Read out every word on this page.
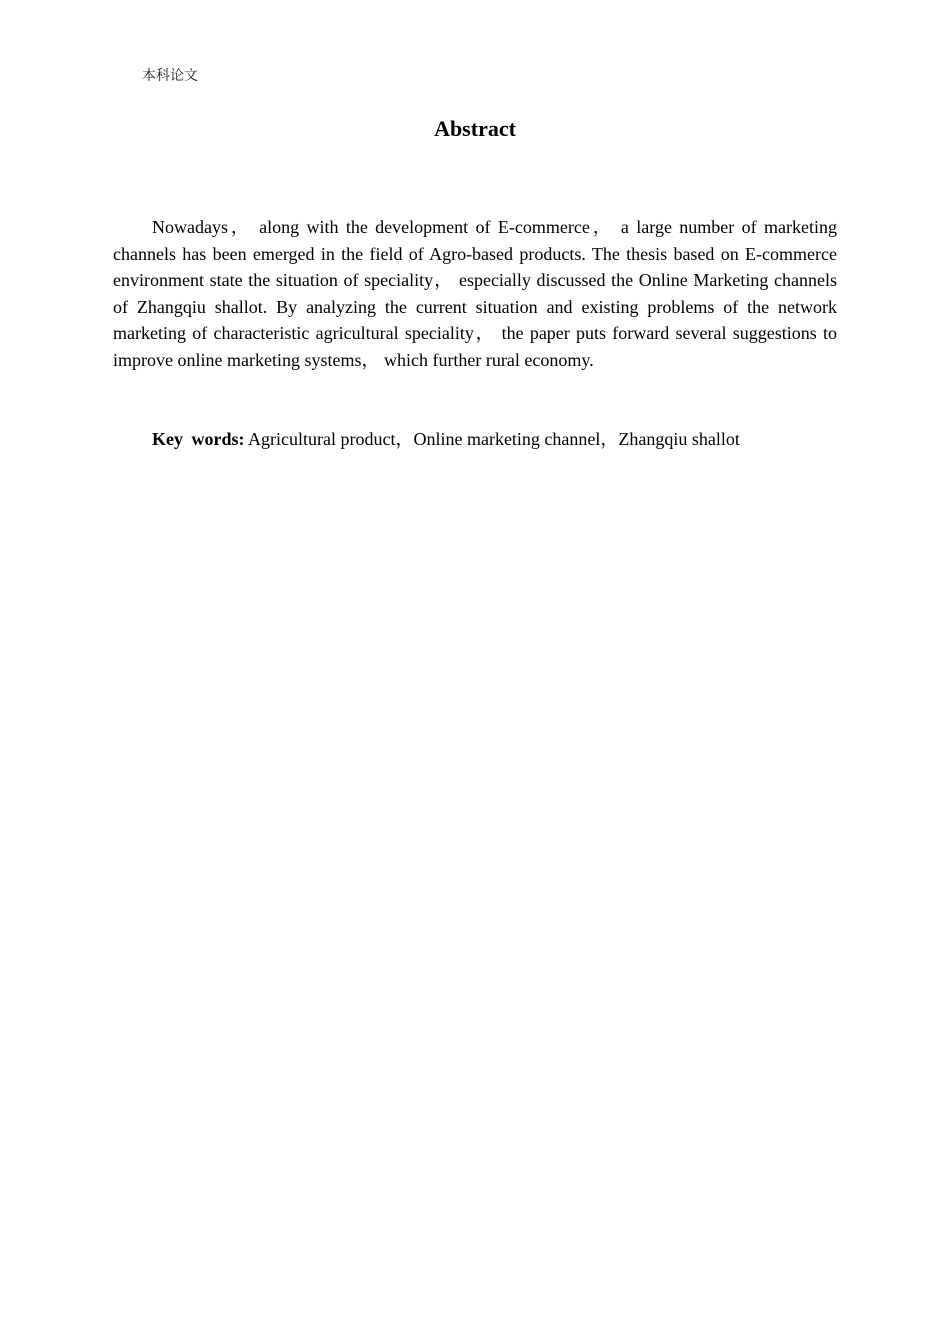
本科论文
Abstract

Nowadays， along with the development of E-commerce， a large number of marketing channels has been emerged in the field of Agro-based products. The thesis based on E-commerce environment state the situation of speciality， especially discussed the Online Marketing channels of Zhangqiu shallot. By analyzing the current situation and existing problems of the network marketing of characteristic agricultural speciality， the paper puts forward several suggestions to improve online marketing systems， which further rural economy.

Key words: Agricultural product，Online marketing channel，Zhangqiu shallot
